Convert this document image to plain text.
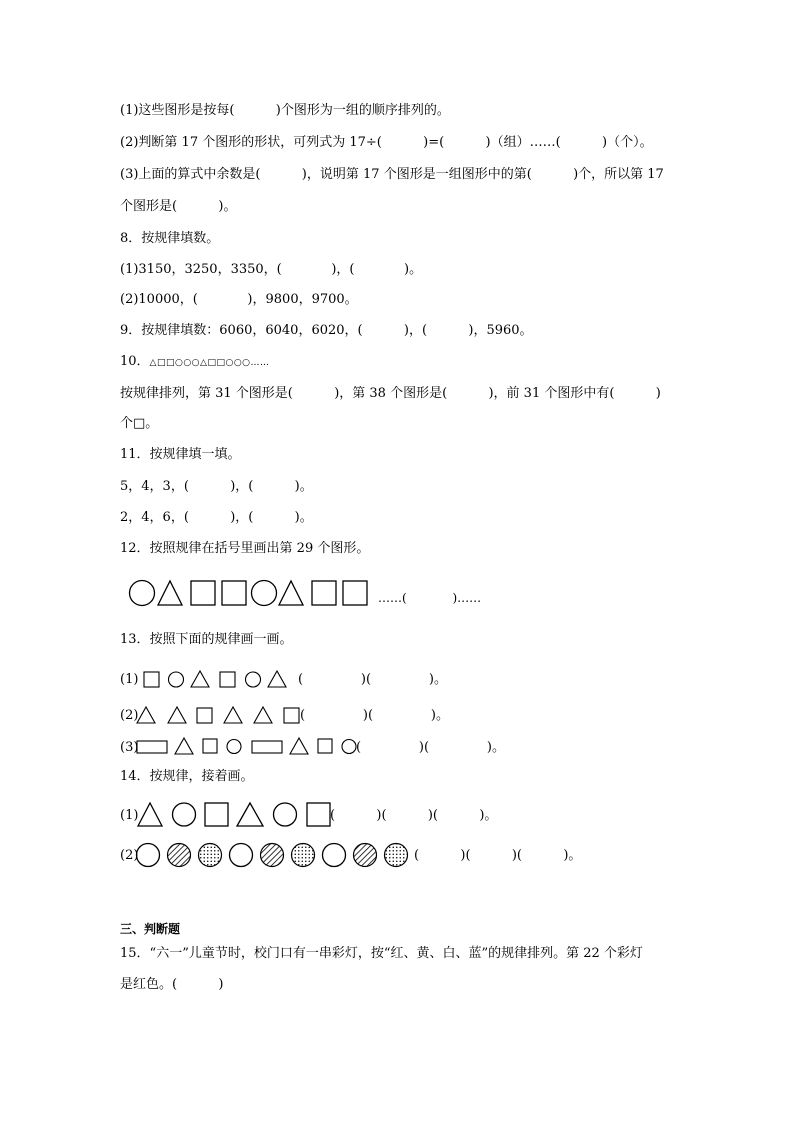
(1)这些图形是按每(          )个图形为一组的顺序排列的。
(2)判断第 17 个图形的形状，可列式为 17÷(          )=(          )（组）……(          )（个）。
(3)上面的算式中余数是(          )，说明第 17 个图形是一组图形中的第(          )个，所以第 17
个图形是(          )。
8．按规律填数。
(1)3150，3250，3350，(            )，(            )。
(2)10000，(            )，9800，9700。
9．按规律填数：6060，6040，6020，(          )，(          )，5960。
10．△□□○○○△□□○○○……
按规律排列，第 31 个图形是(          )，第 38 个图形是(          )，前 31 个图形中有(          )
个□。
11．按规律填一填。
5，4，3，(          )，(          )。
2，4，6，(          )，(          )。
12．按照规律在括号里画出第 29 个图形。
……(            )……
13．按照下面的规律画一画。
(1)	(              )(              )。
(2)	(              )(              )。
(3)	(              )(              )。
14．按规律，接着画。
(1)	(          )(          )(          )。
(2)	(          )(          )(          )。
三、判断题
15．“六一”儿童节时，校门口有一串彩灯，按“红、黄、白、蓝”的规律排列。第 22 个彩灯
是红色。(          )
